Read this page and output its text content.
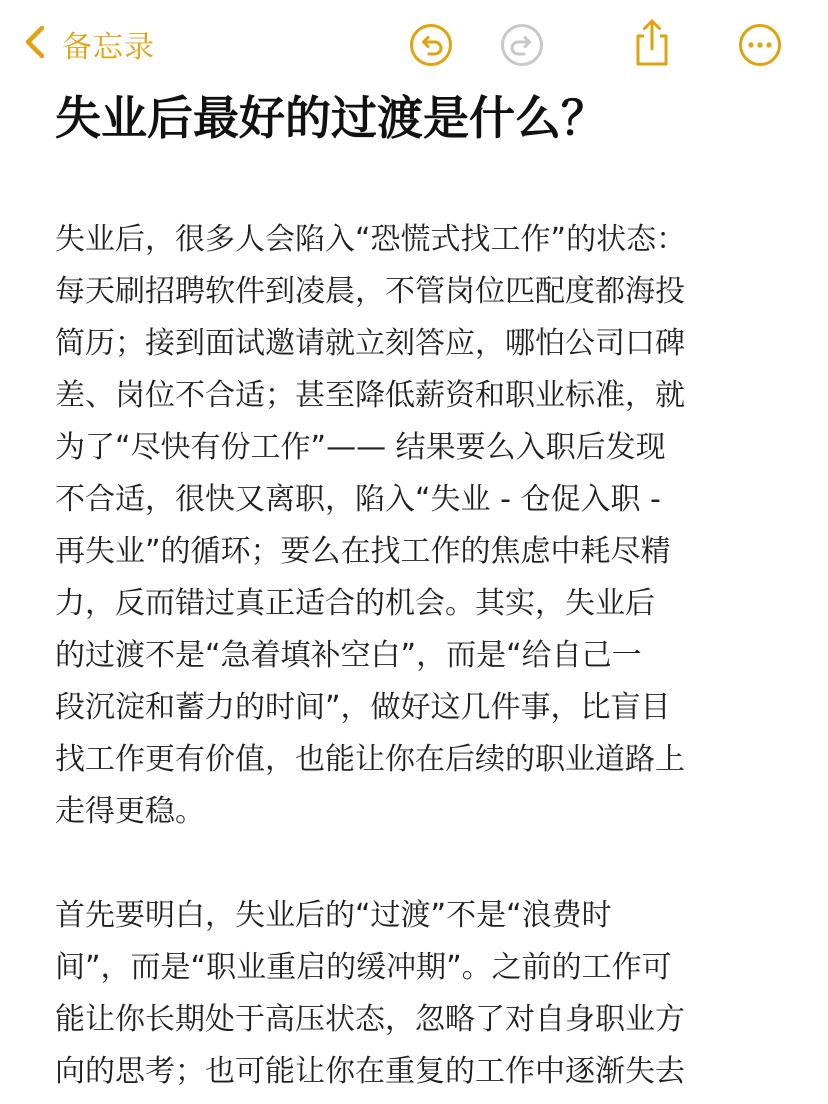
备忘录
失业后最好的过渡是什么？
失业后，很多人会陷入“恐慌式找工作”的状态：
每天刷招聘软件到凌晨，不管岗位匹配度都海投
简历；接到面试邀请就立刻答应，哪怕公司口碑
差、岗位不合适；甚至降低薪资和职业标准，就
为了“尽快有份工作”—— 结果要么入职后发现
不合适，很快又离职，陷入“失业 - 仓促入职 -
再失业”的循环；要么在找工作的焦虑中耗尽精
力，反而错过真正适合的机会。其实，失业后
的过渡不是“急着填补空白”，而是“给自己一
段沉淀和蓄力的时间”，做好这几件事，比盲目
找工作更有价值，也能让你在后续的职业道路上
走得更稳。
首先要明白，失业后的“过渡”不是“浪费时
间”，而是“职业重启的缓冲期”。之前的工作可
能让你长期处于高压状态，忽略了对自身职业方
向的思考；也可能让你在重复的工作中逐渐失去
